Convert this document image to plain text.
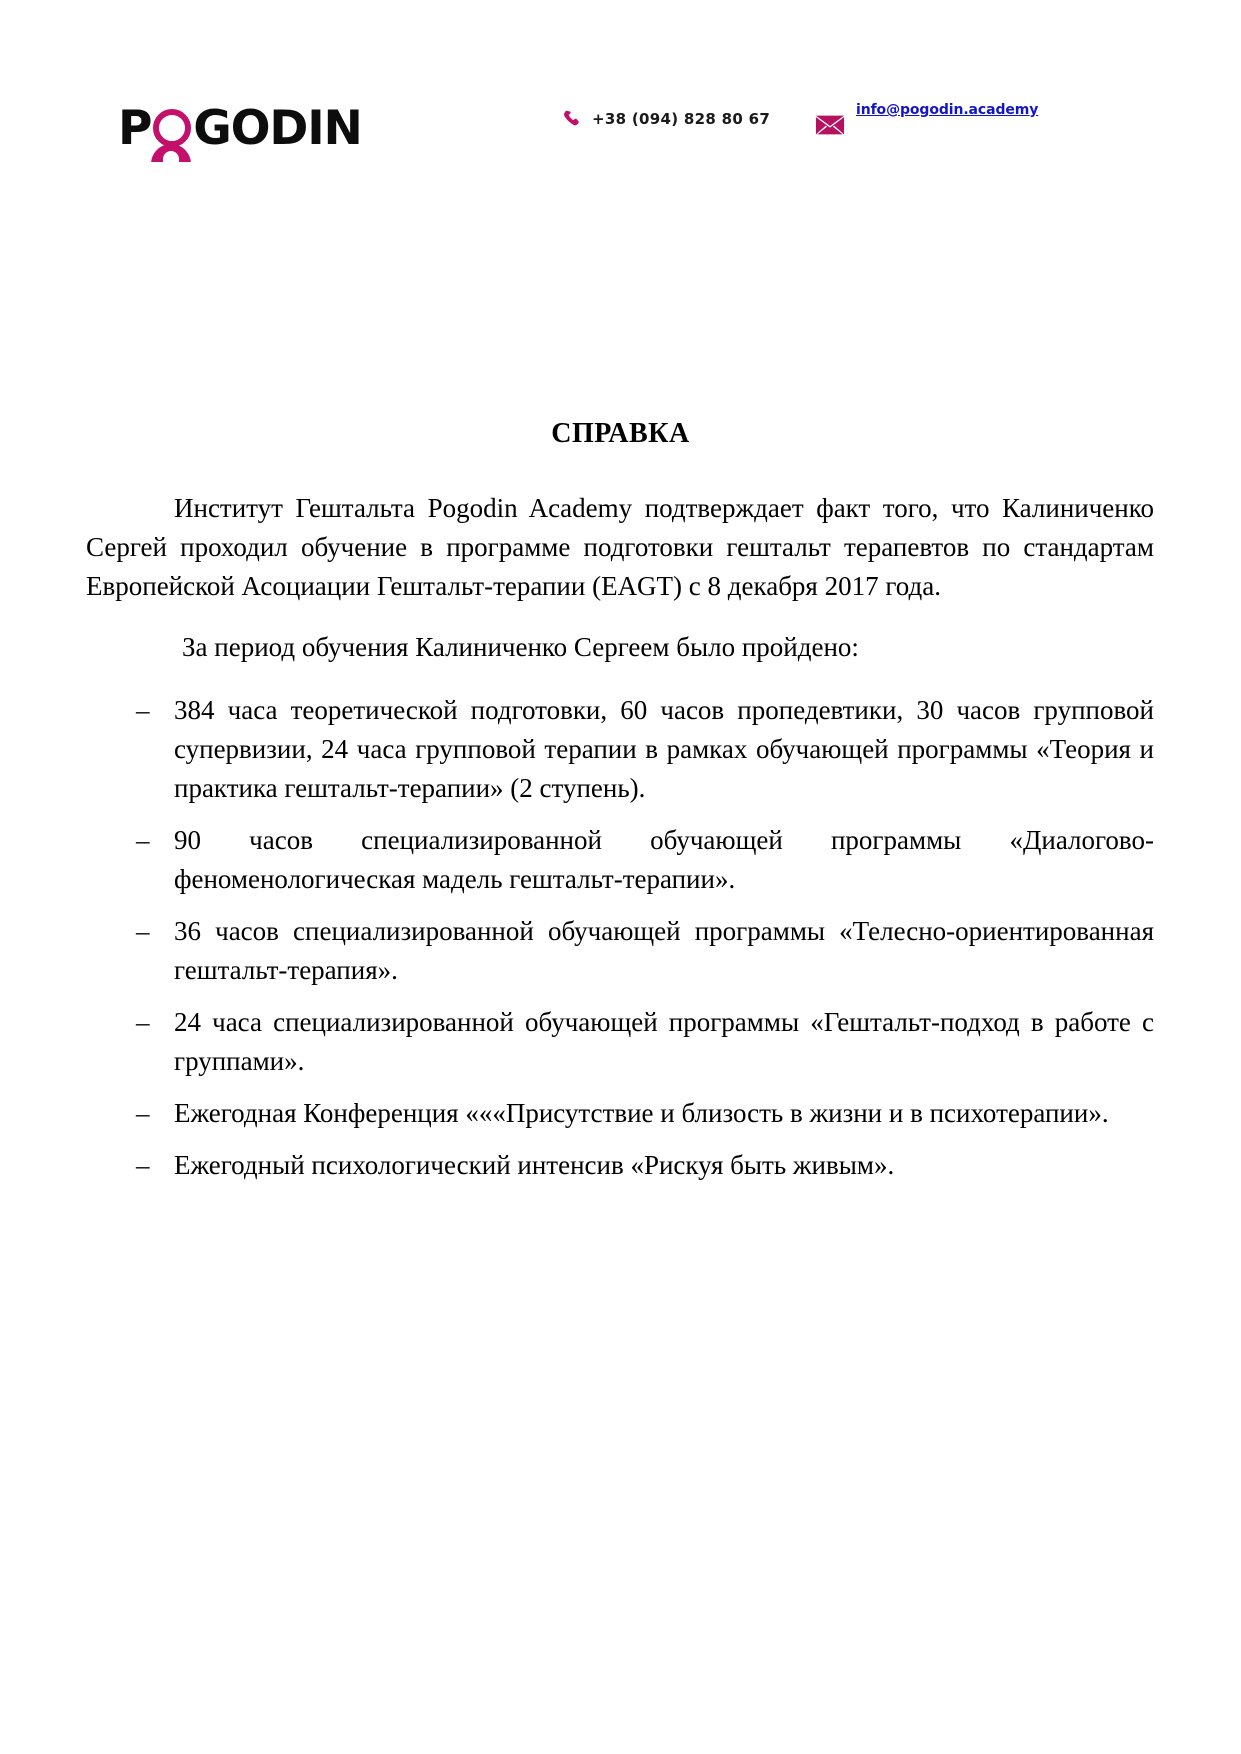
P GODIN	+38 (094) 828 80 67	info@pogodin.academy
СПРАВКА

Институт Гештальта Pogodin Academy подтверждает факт того, что Калиниченко Сергей проходил обучение в программе подготовки гештальт терапевтов по стандартам Европейской Асоциации Гештальт-терапии (EAGT) с 8 декабря 2017 года.

За период обучения Калиниченко Сергеем было пройдено:

– 384 часа теоретической подготовки, 60 часов пропедевтики, 30 часов групповой супервизии, 24 часа групповой терапии в рамках обучающей программы «Теория и практика гештальт-терапии» (2 ступень).
– 90 часов специализированной обучающей программы «Диалогово-феноменологическая мадель гештальт-терапии».
– 36 часов специализированной обучающей программы «Телесно-ориентированная гештальт-терапия».
– 24 часа специализированной обучающей программы «Гештальт-подход в работе с группами».
– Ежегодная Конференция «««Присутствие и близость в жизни и в психотерапии».
– Ежегодный психологический интенсив «Рискуя быть живым».
